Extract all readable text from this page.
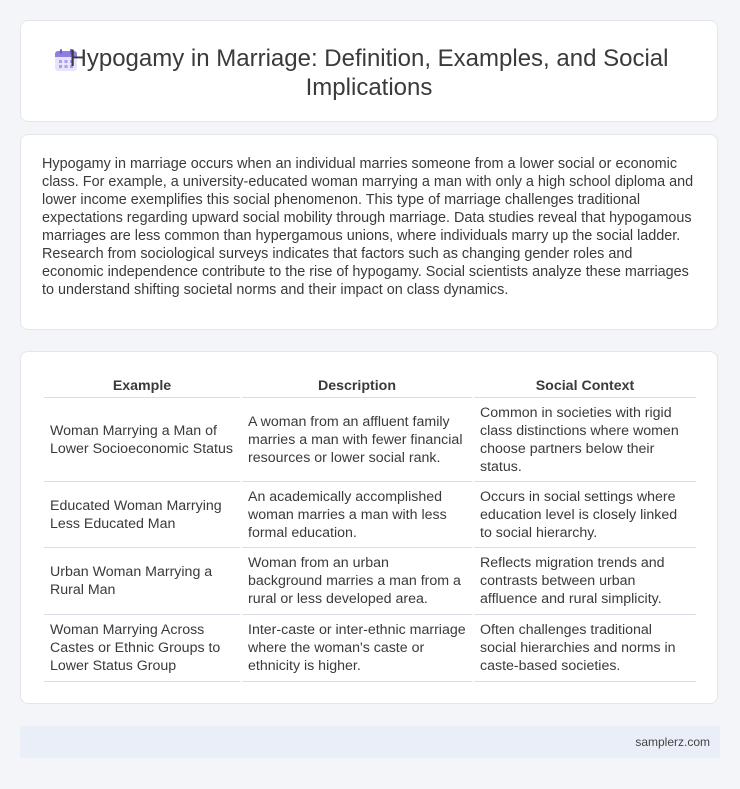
Hypogamy in Marriage: Definition, Examples, and Social Implications

Hypogamy in marriage occurs when an individual marries someone from a lower social or economic class. For example, a university-educated woman marrying a man with only a high school diploma and lower income exemplifies this social phenomenon. This type of marriage challenges traditional expectations regarding upward social mobility through marriage. Data studies reveal that hypogamous marriages are less common than hypergamous unions, where individuals marry up the social ladder. Research from sociological surveys indicates that factors such as changing gender roles and economic independence contribute to the rise of hypogamy. Social scientists analyze these marriages to understand shifting societal norms and their impact on class dynamics.

Example	Description	Social Context
Woman Marrying a Man of Lower Socioeconomic Status	A woman from an affluent family marries a man with fewer financial resources or lower social rank.	Common in societies with rigid class distinctions where women choose partners below their status.
Educated Woman Marrying Less Educated Man	An academically accomplished woman marries a man with less formal education.	Occurs in social settings where education level is closely linked to social hierarchy.
Urban Woman Marrying a Rural Man	Woman from an urban background marries a man from a rural or less developed area.	Reflects migration trends and contrasts between urban affluence and rural simplicity.
Woman Marrying Across Castes or Ethnic Groups to Lower Status Group	Inter-caste or inter-ethnic marriage where the woman's caste or ethnicity is higher.	Often challenges traditional social hierarchies and norms in caste-based societies.
samplerz.com
